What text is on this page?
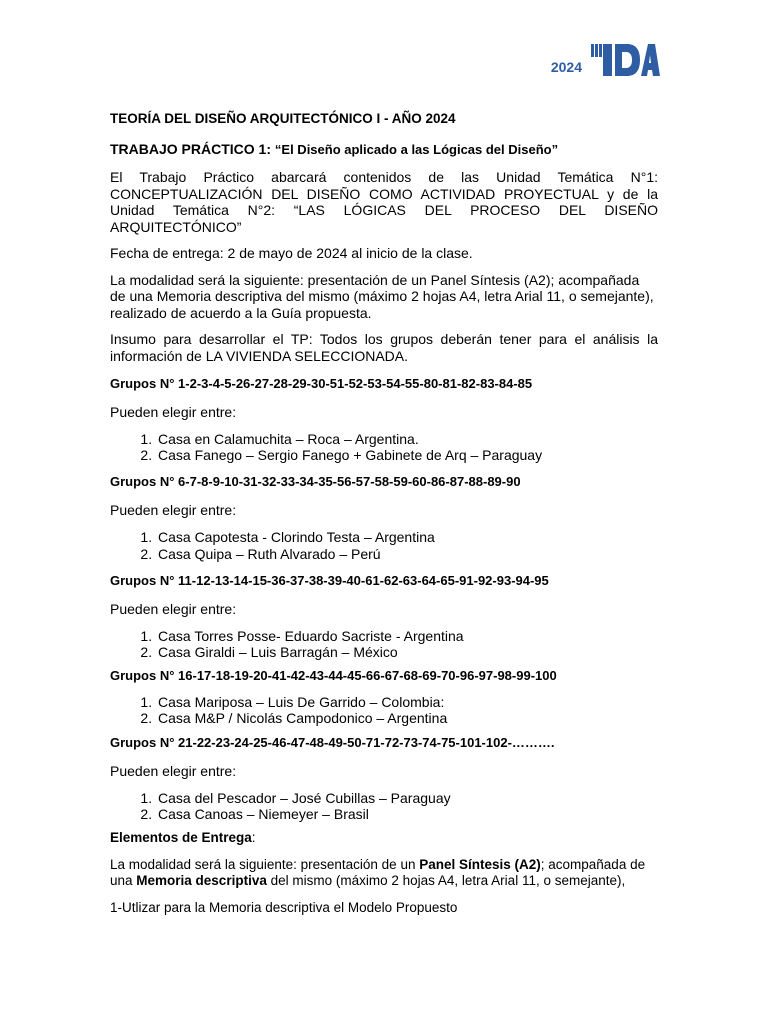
2024

TEORÍA DEL DISEÑO ARQUITECTÓNICO I - AÑO 2024

TRABAJO PRÁCTICO 1: “El Diseño aplicado a las Lógicas del Diseño”

El Trabajo Práctico abarcará contenidos de las Unidad Temática N°1: CONCEPTUALIZACIÓN DEL DISEÑO COMO ACTIVIDAD PROYECTUAL y de la Unidad Temática N°2: “LAS LÓGICAS DEL PROCESO DEL DISEÑO ARQUITECTÓNICO”

Fecha de entrega: 2 de mayo de 2024 al inicio de la clase.

La modalidad será la siguiente: presentación de un Panel Síntesis (A2); acompañada de una Memoria descriptiva del mismo (máximo 2 hojas A4, letra Arial 11, o semejante), realizado de acuerdo a la Guía propuesta.

Insumo para desarrollar el TP: Todos los grupos deberán tener para el análisis la información de LA VIVIENDA SELECCIONADA.

Grupos N° 1-2-3-4-5-26-27-28-29-30-51-52-53-54-55-80-81-82-83-84-85

Pueden elegir entre:

1. Casa en Calamuchita – Roca – Argentina.
2. Casa Fanego – Sergio Fanego + Gabinete de Arq – Paraguay

Grupos N° 6-7-8-9-10-31-32-33-34-35-56-57-58-59-60-86-87-88-89-90

Pueden elegir entre:

1. Casa Capotesta - Clorindo Testa – Argentina
2. Casa Quipa – Ruth Alvarado – Perú

Grupos N° 11-12-13-14-15-36-37-38-39-40-61-62-63-64-65-91-92-93-94-95

Pueden elegir entre:

1. Casa Torres Posse- Eduardo Sacriste - Argentina
2. Casa Giraldi – Luis Barragán – México

Grupos N° 16-17-18-19-20-41-42-43-44-45-66-67-68-69-70-96-97-98-99-100

1. Casa Mariposa – Luis De Garrido – Colombia:
2. Casa M&P / Nicolás Campodonico – Argentina

Grupos N° 21-22-23-24-25-46-47-48-49-50-71-72-73-74-75-101-102-……….

Pueden elegir entre:

1. Casa del Pescador – José Cubillas – Paraguay
2. Casa Canoas – Niemeyer – Brasil

Elementos de Entrega:

La modalidad será la siguiente: presentación de un Panel Síntesis (A2); acompañada de una Memoria descriptiva del mismo (máximo 2 hojas A4, letra Arial 11, o semejante),

1-Utlizar para la Memoria descriptiva el Modelo Propuesto
